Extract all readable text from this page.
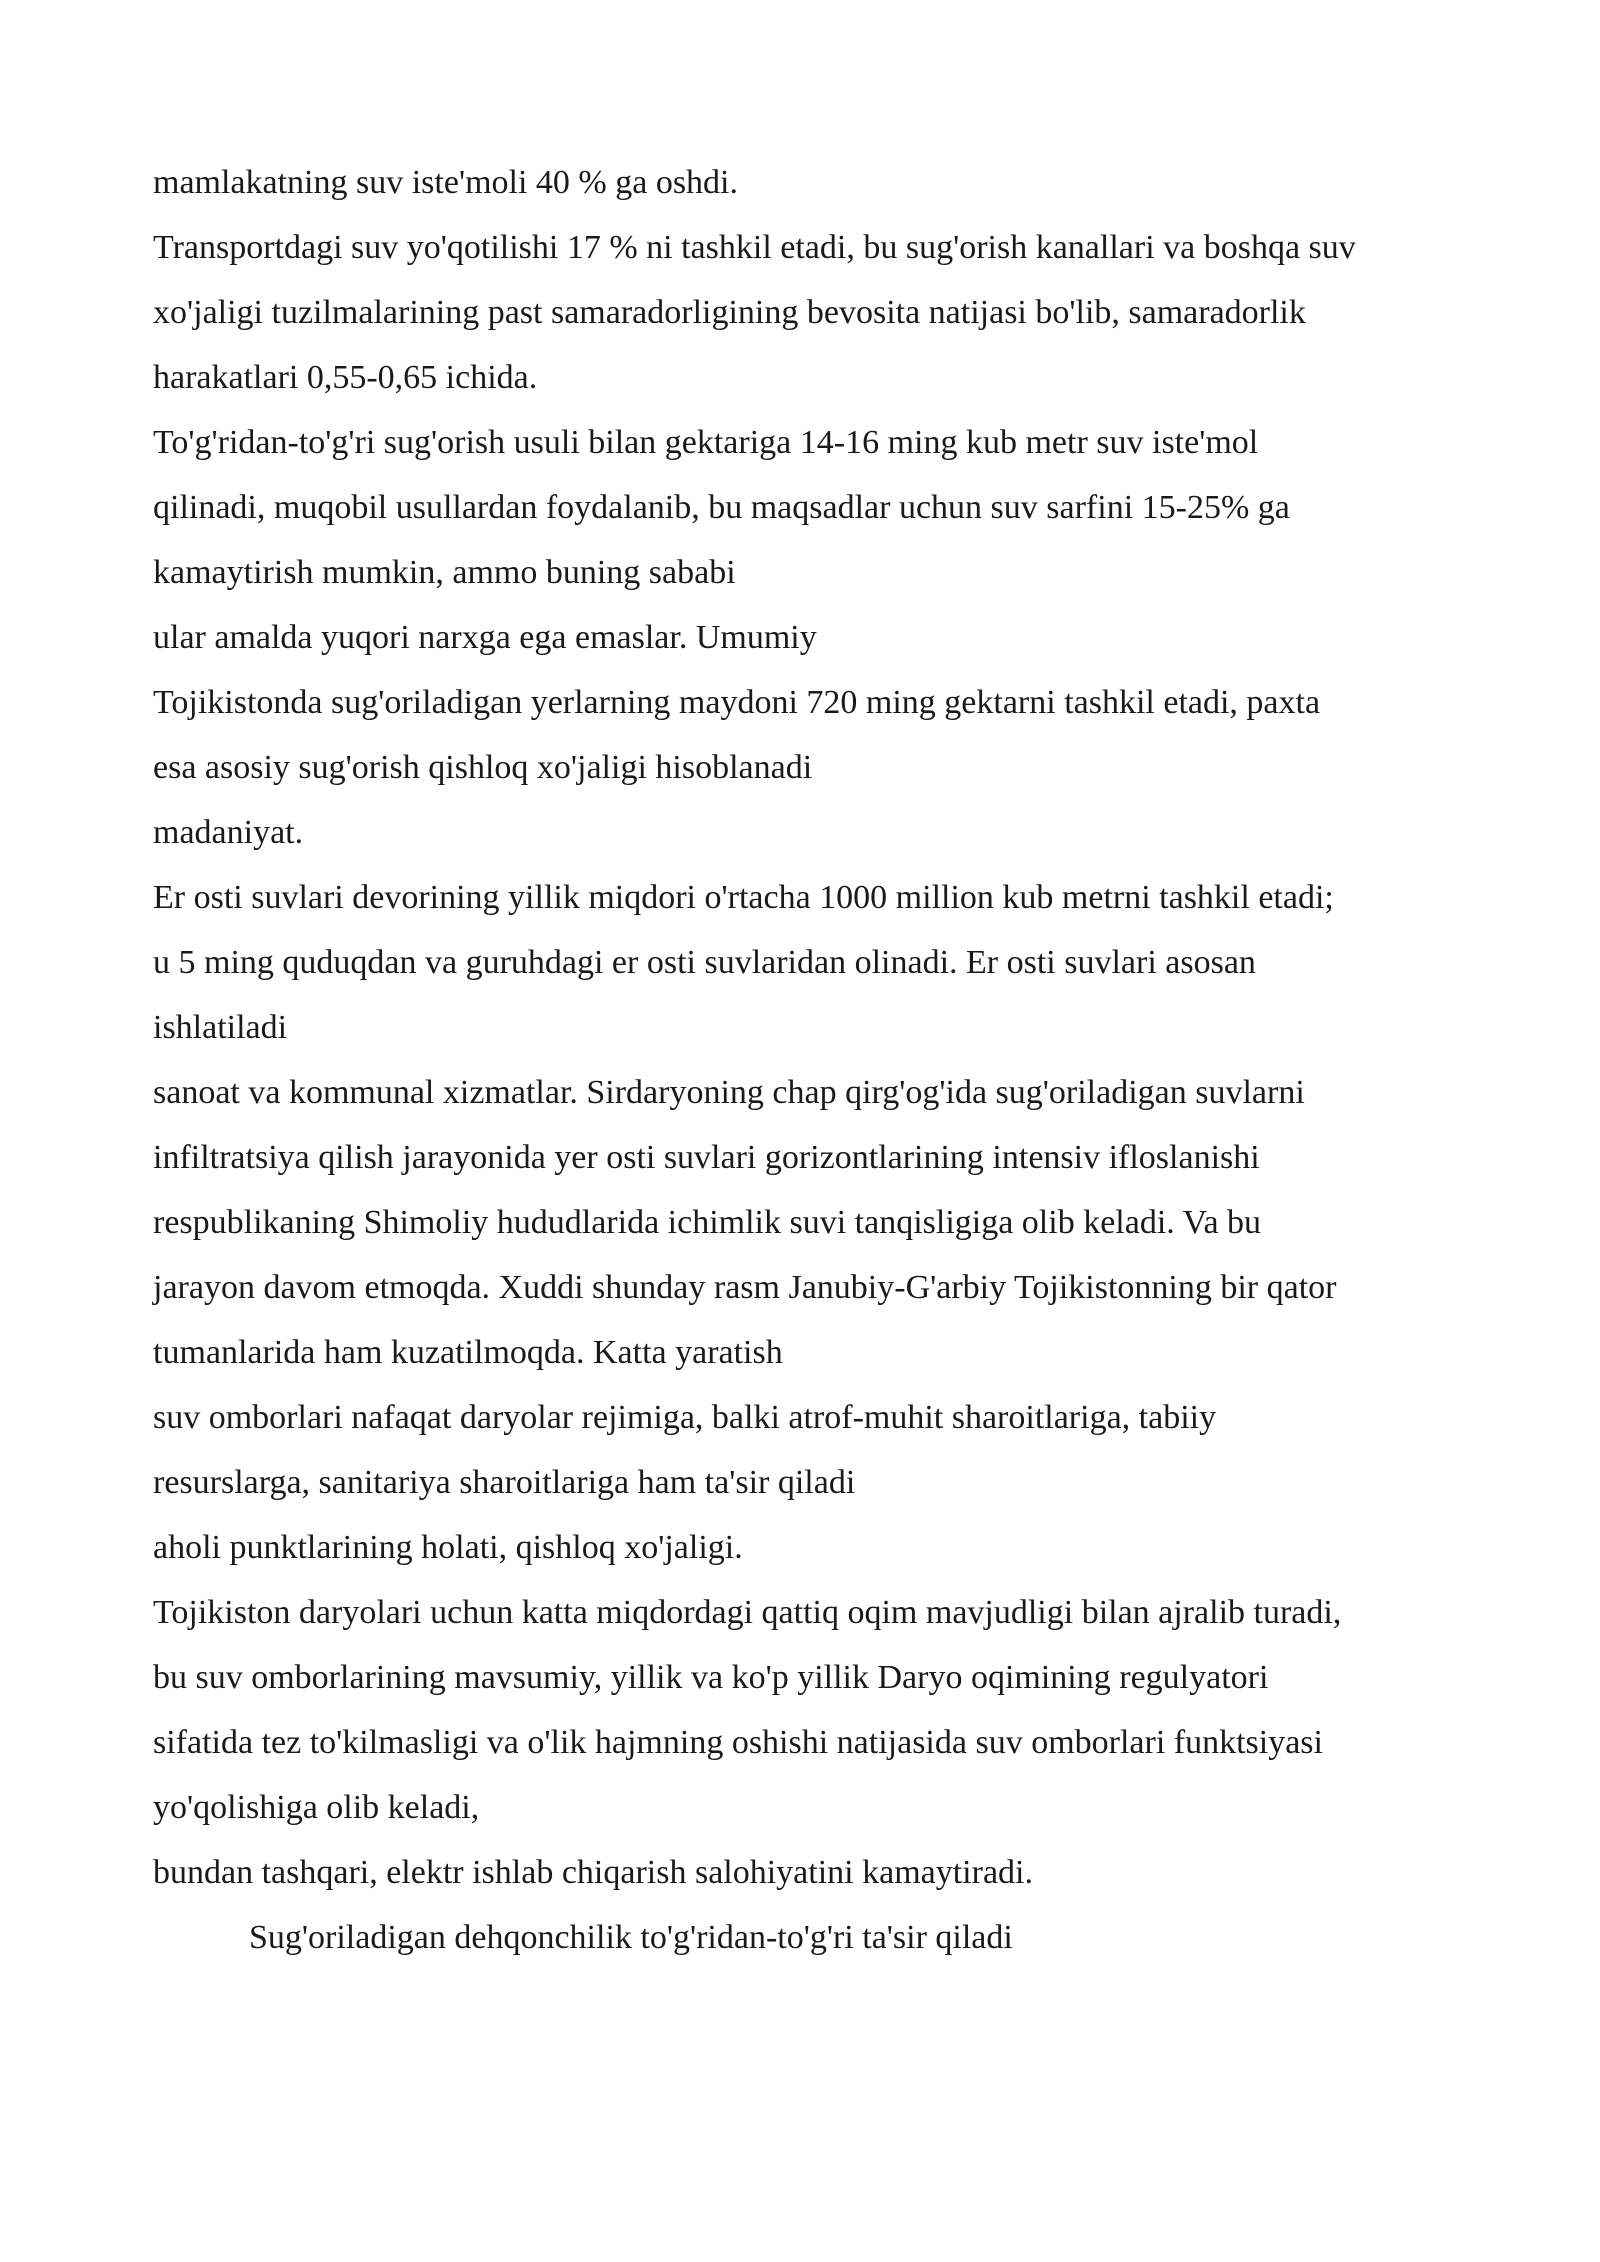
mamlakatning suv iste'moli 40 % ga oshdi.
Transportdagi suv yo'qotilishi 17 % ni tashkil etadi, bu sug'orish kanallari va boshqa suv
xo'jaligi tuzilmalarining past samaradorligining bevosita natijasi bo'lib, samaradorlik
harakatlari 0,55-0,65 ichida.
To'g'ridan-to'g'ri sug'orish usuli bilan gektariga 14-16 ming kub metr suv iste'mol
qilinadi, muqobil usullardan foydalanib, bu maqsadlar uchun suv sarfini 15-25% ga
kamaytirish mumkin, ammo buning sababi
ular amalda yuqori narxga ega emaslar. Umumiy
Tojikistonda sug'oriladigan yerlarning maydoni 720 ming gektarni tashkil etadi, paxta
esa asosiy sug'orish qishloq xo'jaligi hisoblanadi
madaniyat.
Er osti suvlari devorining yillik miqdori o'rtacha 1000 million kub metrni tashkil etadi;
u 5 ming quduqdan va guruhdagi er osti suvlaridan olinadi. Er osti suvlari asosan
ishlatiladi
sanoat va kommunal xizmatlar. Sirdaryoning chap qirg'og'ida sug'oriladigan suvlarni
infiltratsiya qilish jarayonida yer osti suvlari gorizontlarining intensiv ifloslanishi
respublikaning Shimoliy hududlarida ichimlik suvi tanqisligiga olib keladi. Va bu
jarayon davom etmoqda. Xuddi shunday rasm Janubiy-G'arbiy Tojikistonning bir qator
tumanlarida ham kuzatilmoqda. Katta yaratish
suv omborlari nafaqat daryolar rejimiga, balki atrof-muhit sharoitlariga, tabiiy
resurslarga, sanitariya sharoitlariga ham ta'sir qiladi
aholi punktlarining holati, qishloq xo'jaligi.
Tojikiston daryolari uchun katta miqdordagi qattiq oqim mavjudligi bilan ajralib turadi,
bu suv omborlarining mavsumiy, yillik va ko'p yillik Daryo oqimining regulyatori
sifatida tez to'kilmasligi va o'lik hajmning oshishi natijasida suv omborlari funktsiyasi
yo'qolishiga olib keladi,
bundan tashqari, elektr ishlab chiqarish salohiyatini kamaytiradi.
Sug'oriladigan dehqonchilik to'g'ridan-to'g'ri ta'sir qiladi
